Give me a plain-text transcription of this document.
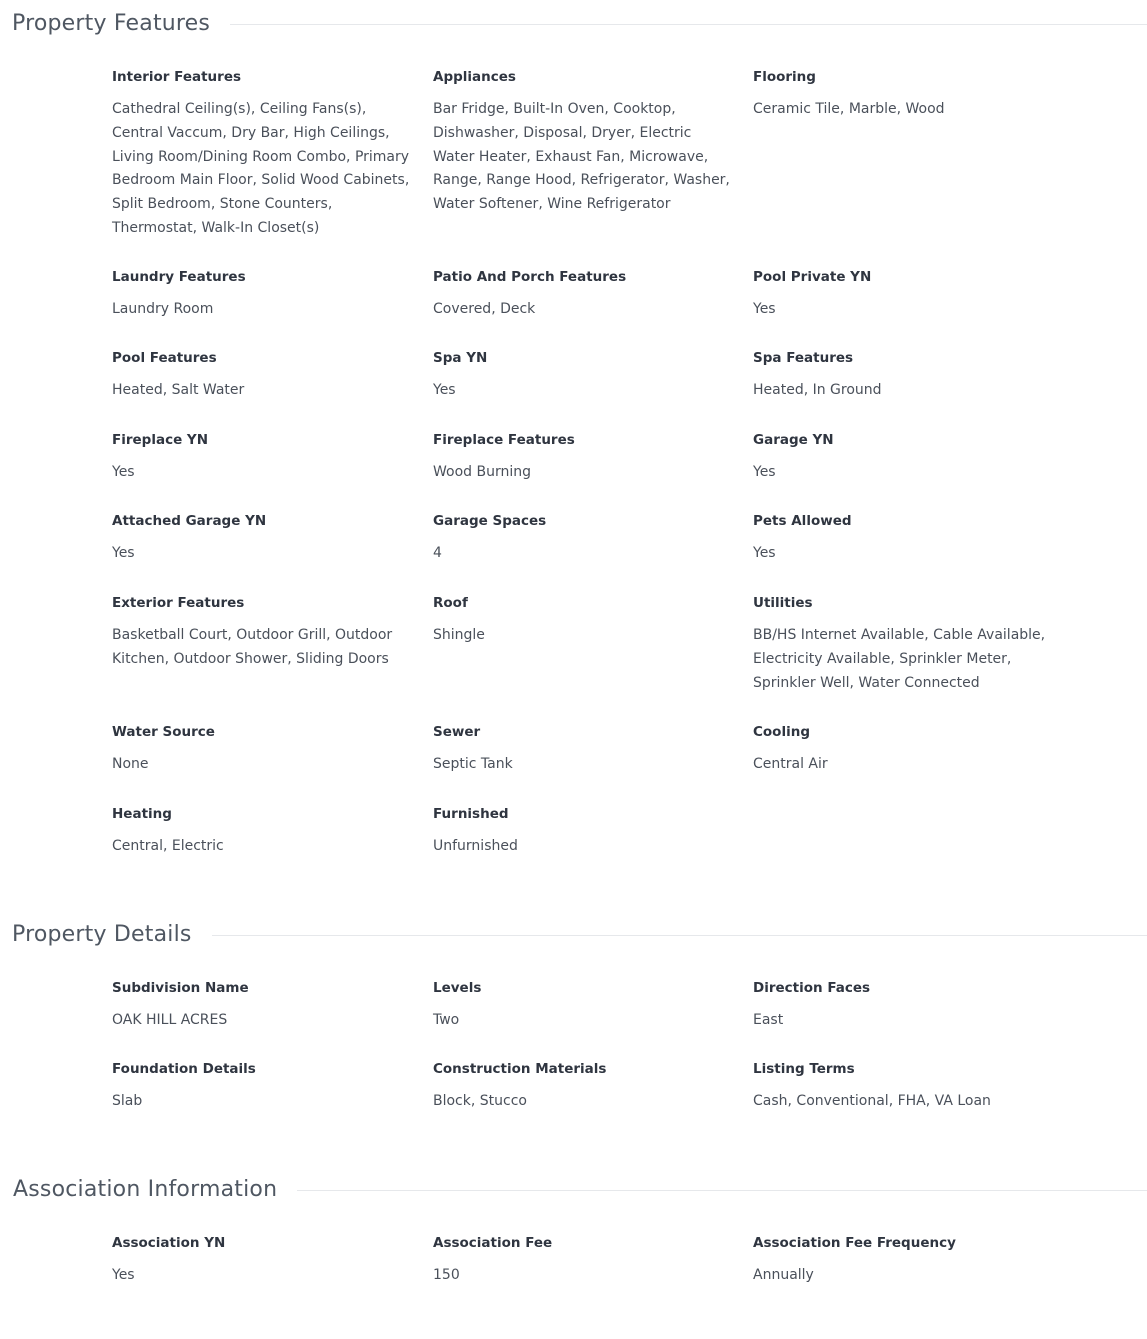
Property Features
Interior Features
Cathedral Ceiling(s), Ceiling Fans(s), Central Vaccum, Dry Bar, High Ceilings, Living Room/Dining Room Combo, Primary Bedroom Main Floor, Solid Wood Cabinets, Split Bedroom, Stone Counters, Thermostat, Walk-In Closet(s)
Appliances
Bar Fridge, Built-In Oven, Cooktop, Dishwasher, Disposal, Dryer, Electric Water Heater, Exhaust Fan, Microwave, Range, Range Hood, Refrigerator, Washer, Water Softener, Wine Refrigerator
Flooring
Ceramic Tile, Marble, Wood
Laundry Features
Laundry Room
Patio And Porch Features
Covered, Deck
Pool Private YN
Yes
Pool Features
Heated, Salt Water
Spa YN
Yes
Spa Features
Heated, In Ground
Fireplace YN
Yes
Fireplace Features
Wood Burning
Garage YN
Yes
Attached Garage YN
Yes
Garage Spaces
4
Pets Allowed
Yes
Exterior Features
Basketball Court, Outdoor Grill, Outdoor Kitchen, Outdoor Shower, Sliding Doors
Roof
Shingle
Utilities
BB/HS Internet Available, Cable Available, Electricity Available, Sprinkler Meter, Sprinkler Well, Water Connected
Water Source
None
Sewer
Septic Tank
Cooling
Central Air
Heating
Central, Electric
Furnished
Unfurnished
Property Details
Subdivision Name
OAK HILL ACRES
Levels
Two
Direction Faces
East
Foundation Details
Slab
Construction Materials
Block, Stucco
Listing Terms
Cash, Conventional, FHA, VA Loan
Association Information
Association YN
Yes
Association Fee
150
Association Fee Frequency
Annually
